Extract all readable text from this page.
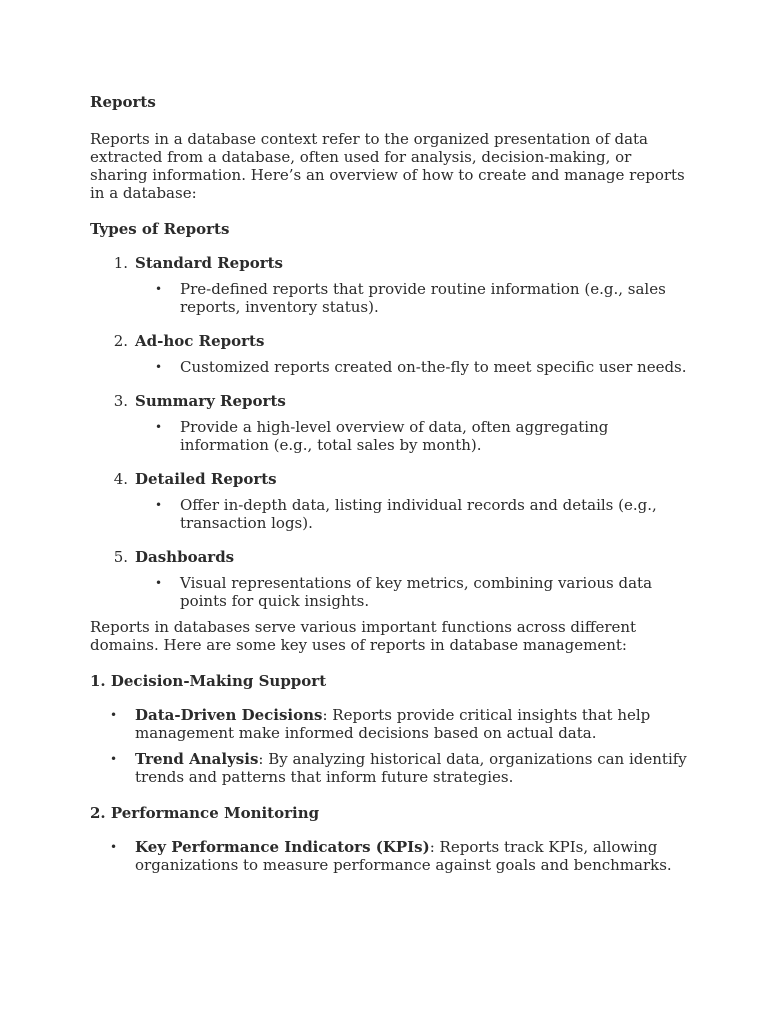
Reports

Reports in a database context refer to the organized presentation of data extracted from a database, often used for analysis, decision-making, or sharing information. Here’s an overview of how to create and manage reports in a database:

Types of Reports

1. Standard Reports
• Pre-defined reports that provide routine information (e.g., sales reports, inventory status).
2. Ad-hoc Reports
• Customized reports created on-the-fly to meet specific user needs.
3. Summary Reports
• Provide a high-level overview of data, often aggregating information (e.g., total sales by month).
4. Detailed Reports
• Offer in-depth data, listing individual records and details (e.g., transaction logs).
5. Dashboards
• Visual representations of key metrics, combining various data points for quick insights.

Reports in databases serve various important functions across different domains. Here are some key uses of reports in database management:

1. Decision-Making Support

• Data-Driven Decisions: Reports provide critical insights that help management make informed decisions based on actual data.
• Trend Analysis: By analyzing historical data, organizations can identify trends and patterns that inform future strategies.

2. Performance Monitoring

• Key Performance Indicators (KPIs): Reports track KPIs, allowing organizations to measure performance against goals and benchmarks.
